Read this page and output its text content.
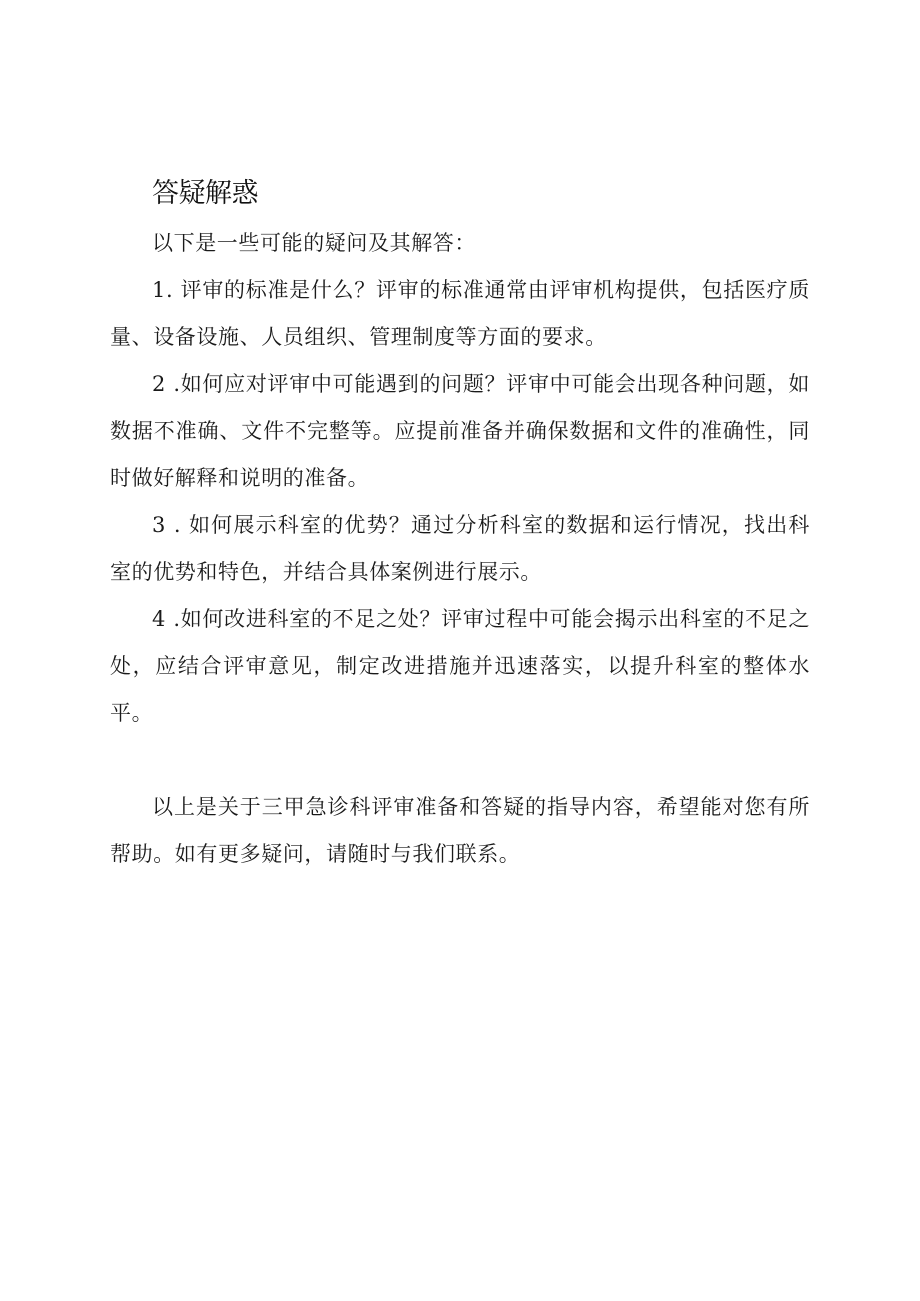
答疑解惑

以下是一些可能的疑问及其解答：

1. 评审的标准是什么？评审的标准通常由评审机构提供，包括医疗质量、设备设施、人员组织、管理制度等方面的要求。

2 .如何应对评审中可能遇到的问题？评审中可能会出现各种问题，如数据不准确、文件不完整等。应提前准备并确保数据和文件的准确性，同时做好解释和说明的准备。

3 . 如何展示科室的优势？通过分析科室的数据和运行情况，找出科室的优势和特色，并结合具体案例进行展示。

4 .如何改进科室的不足之处？评审过程中可能会揭示出科室的不足之处，应结合评审意见，制定改进措施并迅速落实，以提升科室的整体水平。

以上是关于三甲急诊科评审准备和答疑的指导内容，希望能对您有所帮助。如有更多疑问，请随时与我们联系。
